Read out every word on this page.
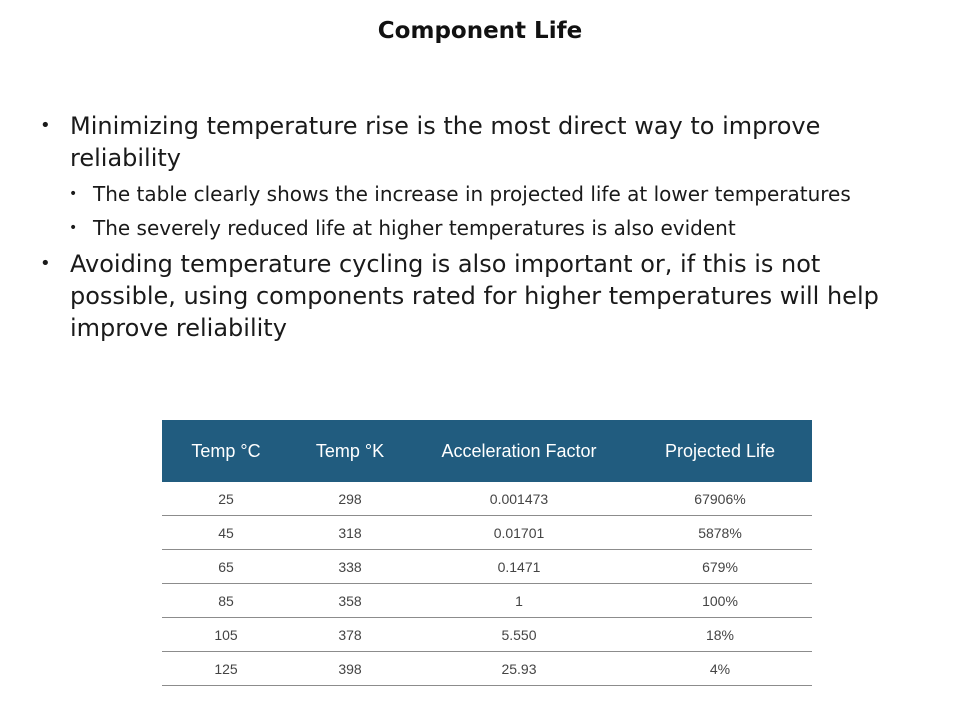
Component Life
• Minimizing temperature rise is the most direct way to improve reliability
• The table clearly shows the increase in projected life at lower temperatures
• The severely reduced life at higher temperatures is also evident
• Avoiding temperature cycling is also important or, if this is not possible, using components rated for higher temperatures will help improve reliability
Temp °C	Temp °K	Acceleration Factor	Projected Life
25	298	0.001473	67906%
45	318	0.01701	5878%
65	338	0.1471	679%
85	358	1	100%
105	378	5.550	18%
125	398	25.93	4%
